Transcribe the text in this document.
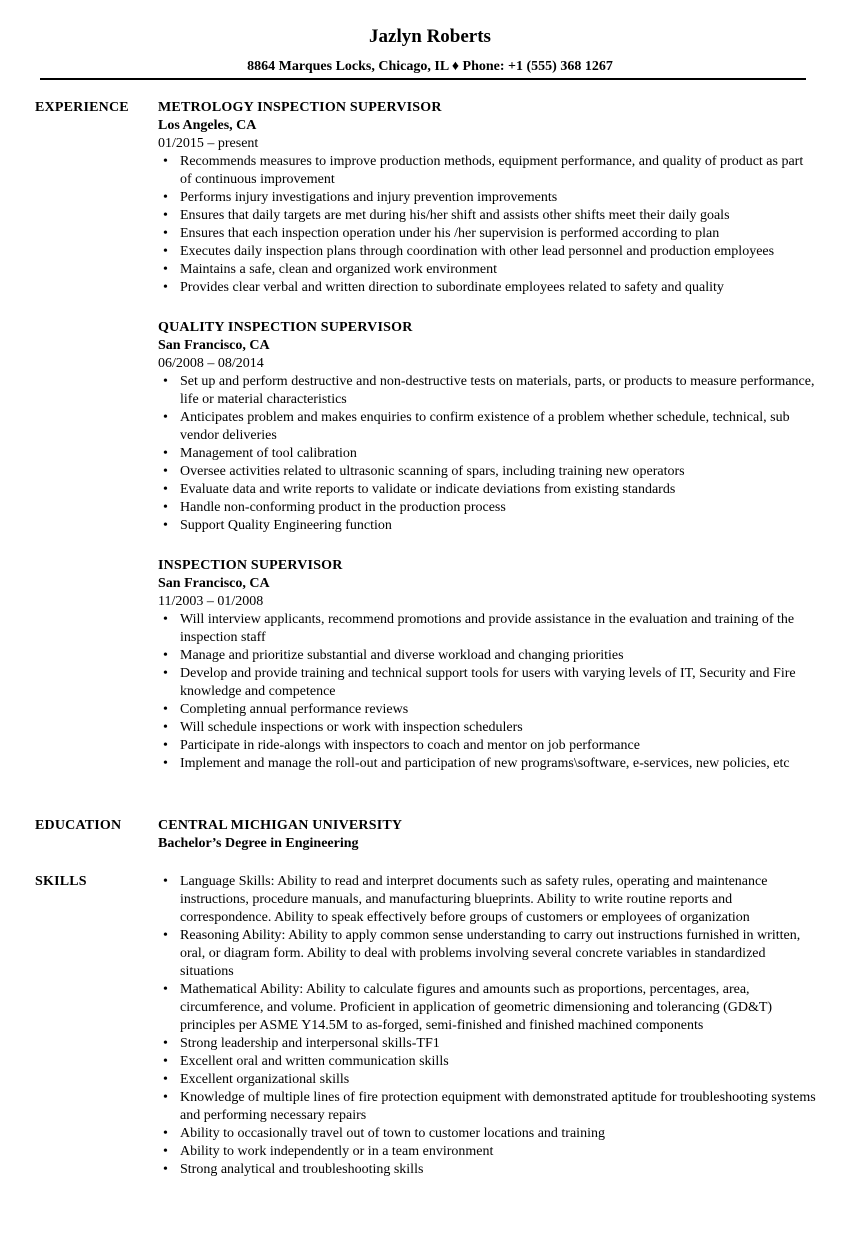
Jazlyn Roberts
8864 Marques Locks, Chicago, IL ♦ Phone: +1 (555) 368 1267
EXPERIENCE METROLOGY INSPECTION SUPERVISOR
Los Angeles, CA
01/2015 – present
• Recommends measures to improve production methods, equipment performance, and quality of product as part of continuous improvement
• Performs injury investigations and injury prevention improvements
• Ensures that daily targets are met during his/her shift and assists other shifts meet their daily goals
• Ensures that each inspection operation under his /her supervision is performed according to plan
• Executes daily inspection plans through coordination with other lead personnel and production employees
• Maintains a safe, clean and organized work environment
• Provides clear verbal and written direction to subordinate employees related to safety and quality
QUALITY INSPECTION SUPERVISOR
San Francisco, CA
06/2008 – 08/2014
• Set up and perform destructive and non-destructive tests on materials, parts, or products to measure performance, life or material characteristics
• Anticipates problem and makes enquiries to confirm existence of a problem whether schedule, technical, sub vendor deliveries
• Management of tool calibration
• Oversee activities related to ultrasonic scanning of spars, including training new operators
• Evaluate data and write reports to validate or indicate deviations from existing standards
• Handle non-conforming product in the production process
• Support Quality Engineering function
INSPECTION SUPERVISOR
San Francisco, CA
11/2003 – 01/2008
• Will interview applicants, recommend promotions and provide assistance in the evaluation and training of the inspection staff
• Manage and prioritize substantial and diverse workload and changing priorities
• Develop and provide training and technical support tools for users with varying levels of IT, Security and Fire knowledge and competence
• Completing annual performance reviews
• Will schedule inspections or work with inspection schedulers
• Participate in ride-alongs with inspectors to coach and mentor on job performance
• Implement and manage the roll-out and participation of new programs\software, e-services, new policies, etc
EDUCATION	CENTRAL MICHIGAN UNIVERSITY
Bachelor’s Degree in Engineering
SKILLS
•	Language Skills: Ability to read and interpret documents such as safety rules, operating and maintenance instructions, procedure manuals, and manufacturing blueprints. Ability to write routine reports and correspondence. Ability to speak effectively before groups of customers or employees of organization
• Reasoning Ability: Ability to apply common sense understanding to carry out instructions furnished in written, oral, or diagram form. Ability to deal with problems involving several concrete variables in standardized situations
• Mathematical Ability: Ability to calculate figures and amounts such as proportions, percentages, area, circumference, and volume. Proficient in application of geometric dimensioning and tolerancing (GD&T) principles per ASME Y14.5M to as-forged, semi-finished and finished machined components
• Strong leadership and interpersonal skills-TF1
• Excellent oral and written communication skills
• Excellent organizational skills
• Knowledge of multiple lines of fire protection equipment with demonstrated aptitude for troubleshooting systems and performing necessary repairs
• Ability to occasionally travel out of town to customer locations and training
• Ability to work independently or in a team environment
• Strong analytical and troubleshooting skills
